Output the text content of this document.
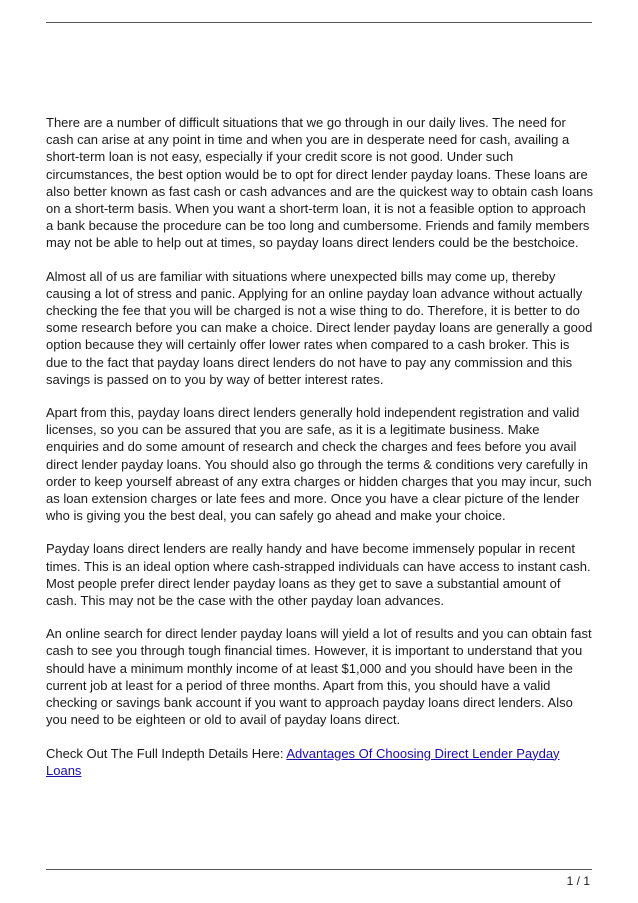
There are a number of difficult situations that we go through in our daily lives. The need for cash can arise at any point in time and when you are in desperate need for cash, availing a short-term loan is not easy, especially if your credit score is not good. Under such circumstances, the best option would be to opt for direct lender payday loans. These loans are also better known as fast cash or cash advances and are the quickest way to obtain cash loans on a short-term basis. When you want a short-term loan, it is not a feasible option to approach a bank because the procedure can be too long and cumbersome. Friends and family members may not be able to help out at times, so payday loans direct lenders could be the bestchoice.

Almost all of us are familiar with situations where unexpected bills may come up, thereby causing a lot of stress and panic. Applying for an online payday loan advance without actually checking the fee that you will be charged is not a wise thing to do. Therefore, it is better to do some research before you can make a choice. Direct lender payday loans are generally a good option because they will certainly offer lower rates when compared to a cash broker. This is due to the fact that payday loans direct lenders do not have to pay any commission and this savings is passed on to you by way of better interest rates.

Apart from this, payday loans direct lenders generally hold independent registration and valid licenses, so you can be assured that you are safe, as it is a legitimate business. Make enquiries and do some amount of research and check the charges and fees before you avail direct lender payday loans. You should also go through the terms & conditions very carefully in order to keep yourself abreast of any extra charges or hidden charges that you may incur, such as loan extension charges or late fees and more. Once you have a clear picture of the lender who is giving you the best deal, you can safely go ahead and make your choice.

Payday loans direct lenders are really handy and have become immensely popular in recent times. This is an ideal option where cash-strapped individuals can have access to instant cash. Most people prefer direct lender payday loans as they get to save a substantial amount of cash. This may not be the case with the other payday loan advances.

An online search for direct lender payday loans will yield a lot of results and you can obtain fast cash to see you through tough financial times. However, it is important to understand that you should have a minimum monthly income of at least $1,000 and you should have been in the current job at least for a period of three months. Apart from this, you should have a valid checking or savings bank account if you want to approach payday loans direct lenders. Also you need to be eighteen or old to avail of payday loans direct.

Check Out The Full Indepth Details Here: Advantages Of Choosing Direct Lender Payday Loans

1 / 1
